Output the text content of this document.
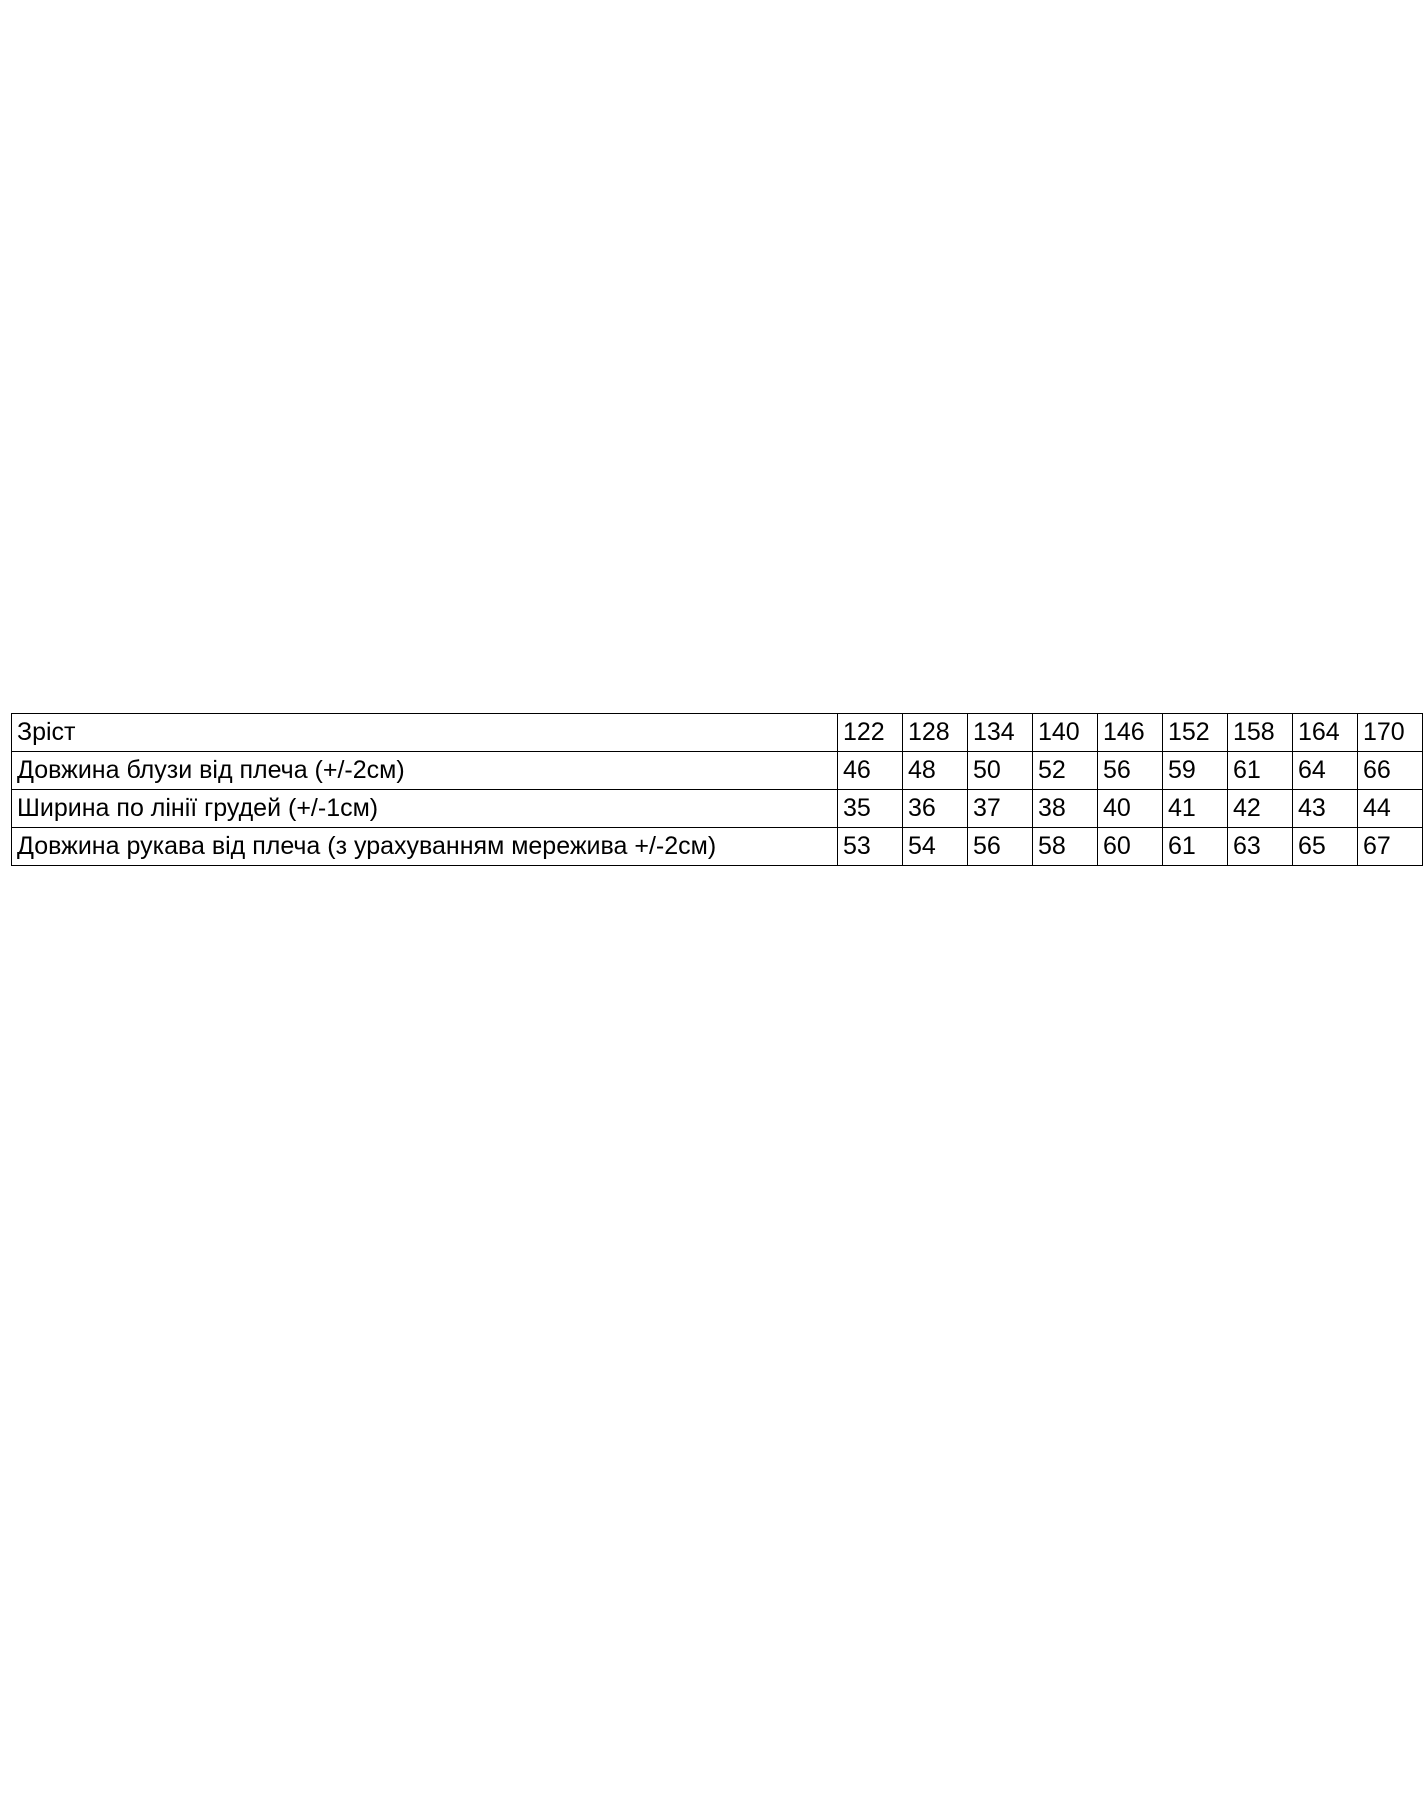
Зріст	122	128	134	140	146	152	158	164	170
Довжина блузи від плеча (+/-2см)	46	48	50	52	56	59	61	64	66
Ширина по лінії грудей (+/-1см)	35	36	37	38	40	41	42	43	44
Довжина рукава від плеча (з урахуванням мережива +/-2см)	53	54	56	58	60	61	63	65	67
